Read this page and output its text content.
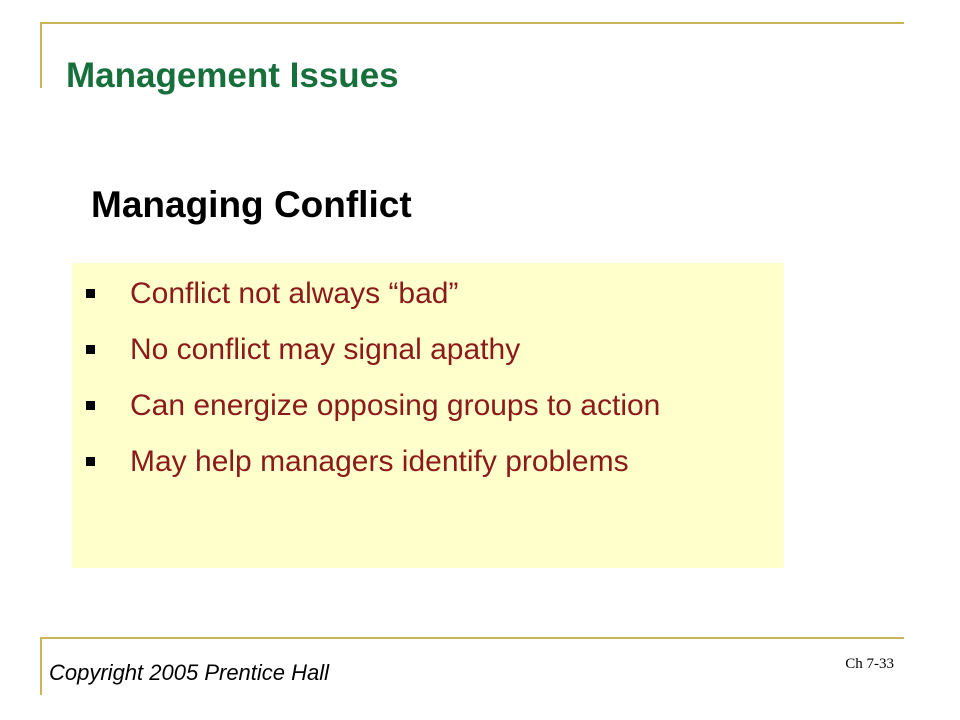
Management Issues
Managing Conflict
Conflict not always “bad”
No conflict may signal apathy
Can energize opposing groups to action
May help managers identify problems
Copyright 2005 Prentice Hall	Ch 7-33
